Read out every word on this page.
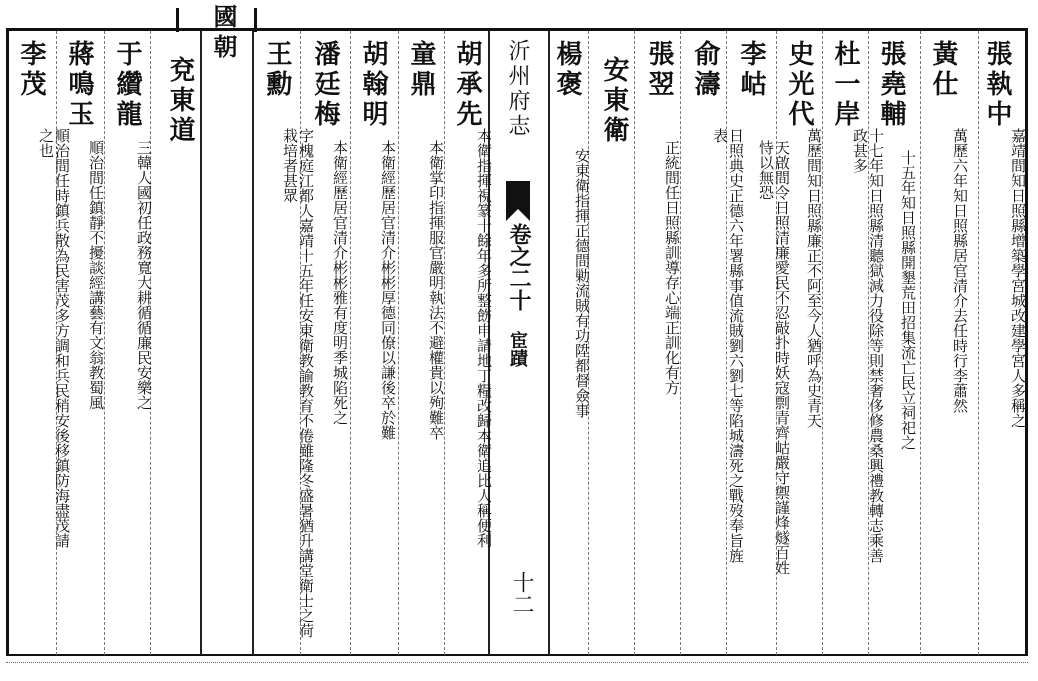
國朝
張執中
嘉靖間知日照縣增築學宮城改建學宮人多稱之
黃仕
萬歷六年知日照縣居官清介去任時行李蕭然
張堯輔
十五年知日照縣開墾荒田招集流亡民立祠祀之
杜一岸
十七年知日照縣清聽獄減力役除等則禁奢侈修農桑興禮教轉志乘善政甚多
史光代
萬歷間知日照縣廉正不阿至今人猶呼為史青天
李岵
天啟間令日照清廉愛民不忍敲扑時妖寇剽青齊岵嚴守禦謹烽燧百姓恃以無恐
俞濤
日照典史正德六年署縣事值流賊劉六劉七等陷城濤死之戰歿奉旨旌表
張翌
正統間任日照縣訓導存心端正訓化有方
安東衛
楊褒
安東衛指揮正德間勦流賊有功陞都督僉事
沂州府志
卷之二十
宦蹟
十二
胡承先
本衛指揮視篆十餘年多所整飭申請地丁糧改歸本衛追比人稱便利
童鼎
本衛掌印指揮服官嚴明執法不避權貴以殉難卒
胡翰明
本衛經歷居官清介彬彬厚德同僚以謙後卒於難
潘廷梅
本衛經歷居官清介彬彬雅有度明季城陷死之
王勳
字槐庭江都人嘉靖十五年任安東衛教諭教育不倦雖隆冬盛暑猶升講堂衛士之荷栽培者甚眾
兗東道
于纘龍
三韓人國初任政務寬大耕循循廉民安樂之
蔣鳴玉
順治間任鎮靜不擾談經講藝有文翁教蜀風
李茂
順治間任時鎮兵散為民害茂多方調和兵民稍安後移鎮防海盡茂請之也
